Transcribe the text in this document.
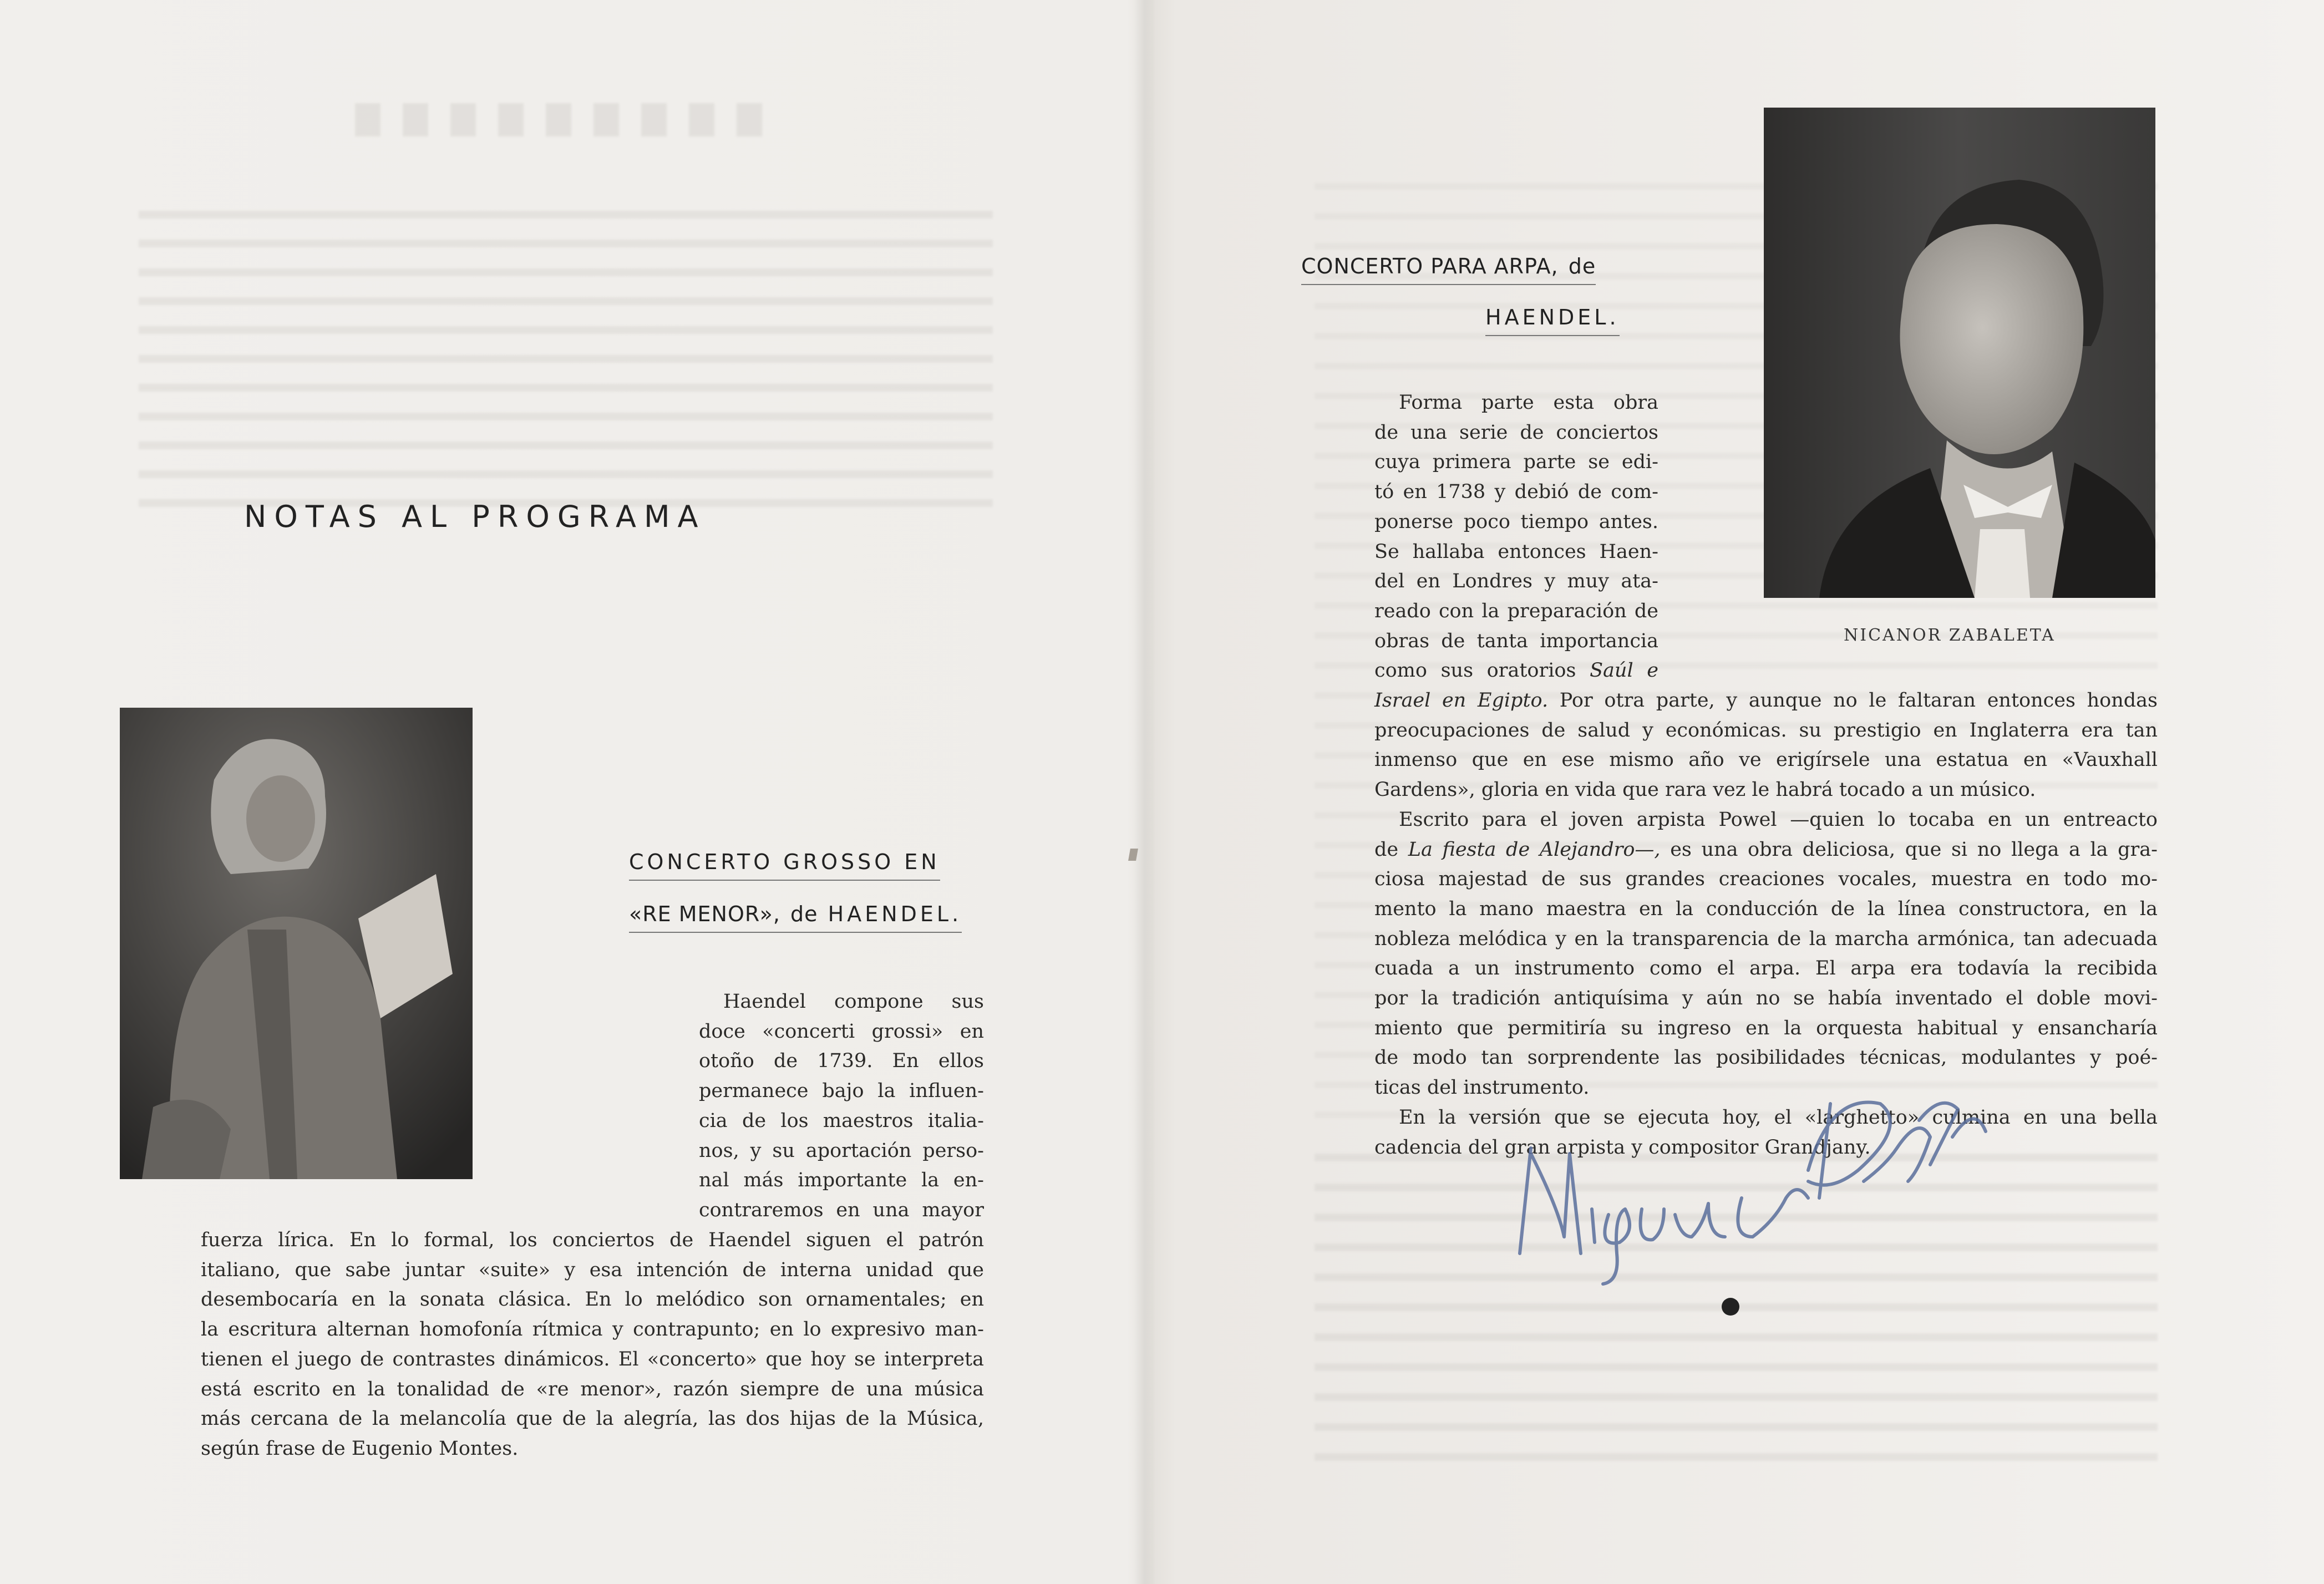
NOTAS AL PROGRAMA
CONCERTO GROSSO EN
«RE MENOR», de HAENDEL.
Haendel compone sus
doce «concerti grossi» en
otoño de 1739. En ellos
permanece bajo la influen-
cia de los maestros italia-
nos, y su aportación perso-
nal más importante la en-
contraremos en una mayor
fuerza lírica. En lo formal, los conciertos de Haendel siguen el patrón
italiano, que sabe juntar «suite» y esa intención de interna unidad que
desembocaría en la sonata clásica. En lo melódico son ornamentales; en
la escritura alternan homofonía rítmica y contrapunto; en lo expresivo man-
tienen el juego de contrastes dinámicos. El «concerto» que hoy se interpreta
está escrito en la tonalidad de «re menor», razón siempre de una música
más cercana de la melancolía que de la alegría, las dos hijas de la Música,
según frase de Eugenio Montes.
CONCERTO PARA ARPA, de
HAENDEL.
NICANOR ZABALETA
Forma parte esta obra
de una serie de conciertos
cuya primera parte se edi-
tó en 1738 y debió de com-
ponerse poco tiempo antes.
Se hallaba entonces Haen-
del en Londres y muy ata-
reado con la preparación de
obras de tanta importancia
como sus oratorios Saúl e
Israel en Egipto. Por otra parte, y aunque no le faltaran entonces hondas
preocupaciones de salud y económicas. su prestigio en Inglaterra era tan
inmenso que en ese mismo año ve erigírsele una estatua en «Vauxhall
Gardens», gloria en vida que rara vez le habrá tocado a un músico.
Escrito para el joven arpista Powel —quien lo tocaba en un entreacto
de La fiesta de Alejandro—, es una obra deliciosa, que si no llega a la gra-
ciosa majestad de sus grandes creaciones vocales, muestra en todo mo-
mento la mano maestra en la conducción de la línea constructora, en la
nobleza melódica y en la transparencia de la marcha armónica, tan adecuada
cuada a un instrumento como el arpa. El arpa era todavía la recibida
por la tradición antiquísima y aún no se había inventado el doble movi-
miento que permitiría su ingreso en la orquesta habitual y ensancharía
de modo tan sorprendente las posibilidades técnicas, modulantes y poé-
ticas del instrumento.
En la versión que se ejecuta hoy, el «larghetto» culmina en una bella
cadencia del gran arpista y compositor Grandjany.
